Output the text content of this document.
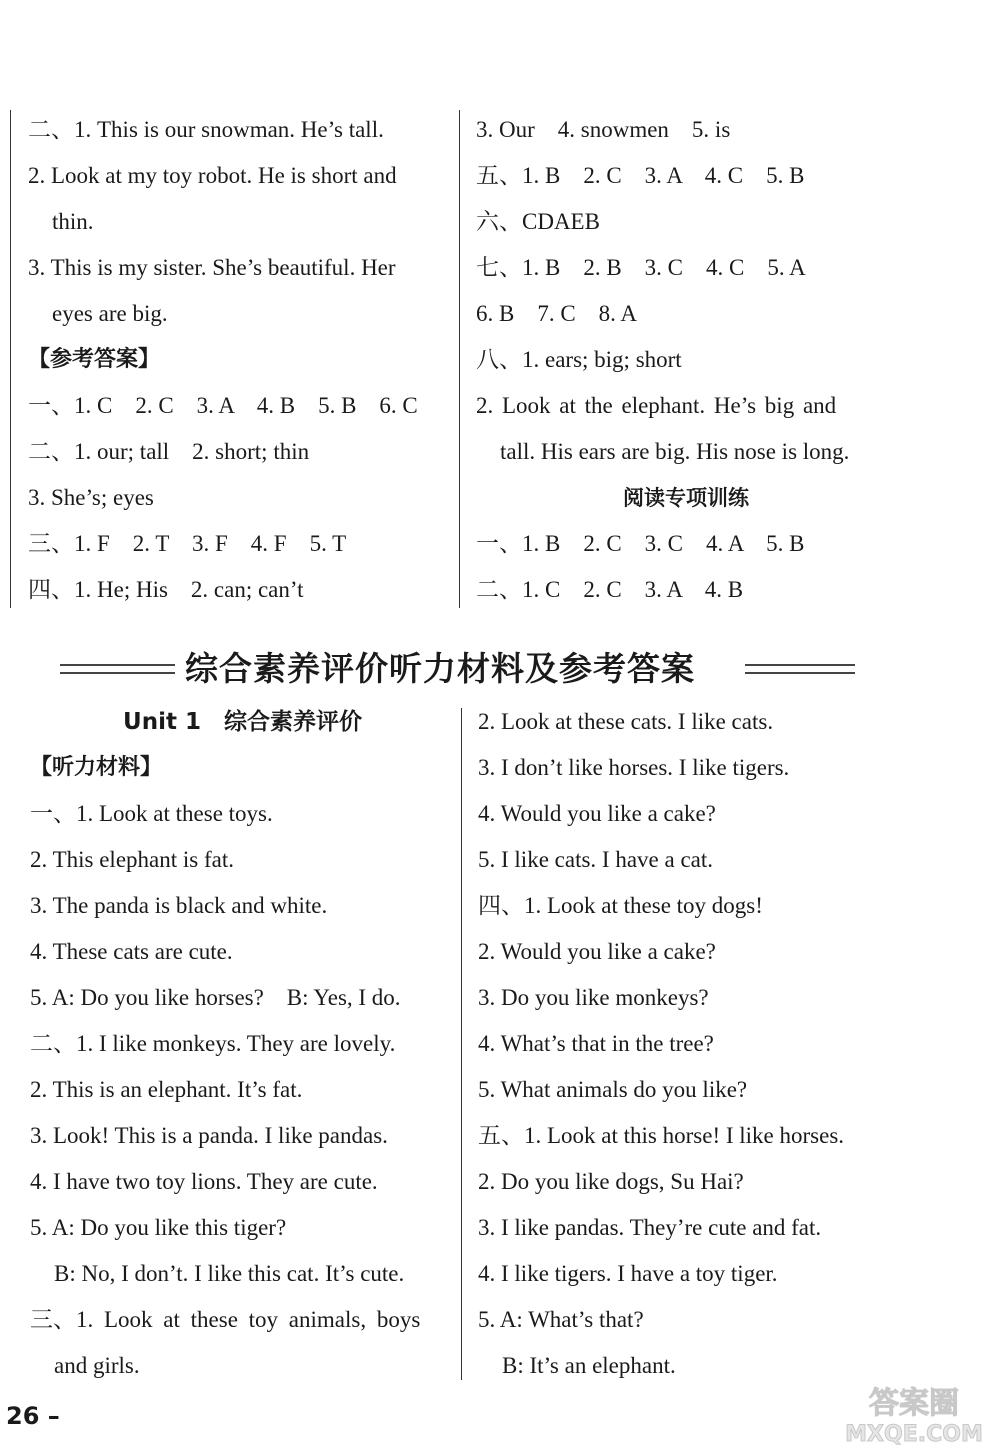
二、1. This is our snowman. He’s tall.
2. Look at my toy robot. He is short and
thin.
3. This is my sister. She’s beautiful. Her
eyes are big.
【参考答案】
一、1. C　2. C　3. A　4. B　5. B　6. C
二、1. our; tall　2. short; thin
3. She’s; eyes
三、1. F　2. T　3. F　4. F　5. T
四、1. He; His　2. can; can’t
3. Our　4. snowmen　5. is
五、1. B　2. C　3. A　4. C　5. B
六、CDAEB
七、1. B　2. B　3. C　4. C　5. A
6. B　7. C　8. A
八、1. ears; big; short
2. Look at the elephant. He’s big and
tall. His ears are big. His nose is long.
阅读专项训练
一、1. B　2. C　3. C　4. A　5. B
二、1. C　2. C　3. A　4. B
综合素养评价听力材料及参考答案
Unit 1　综合素养评价
【听力材料】
一、1. Look at these toys.
2. This elephant is fat.
3. The panda is black and white.
4. These cats are cute.
5. A: Do you like horses?　B: Yes, I do.
二、1. I like monkeys. They are lovely.
2. This is an elephant. It’s fat.
3. Look! This is a panda. I like pandas.
4. I have two toy lions. They are cute.
5. A: Do you like this tiger?
B: No, I don’t. I like this cat. It’s cute.
三、1. Look at these toy animals, boys
and girls.
2. Look at these cats. I like cats.
3. I don’t like horses. I like tigers.
4. Would you like a cake?
5. I like cats. I have a cat.
四、1. Look at these toy dogs!
2. Would you like a cake?
3. Do you like monkeys?
4. What’s that in the tree?
5. What animals do you like?
五、1. Look at this horse! I like horses.
2. Do you like dogs, Su Hai?
3. I like pandas. They’re cute and fat.
4. I like tigers. I have a toy tiger.
5. A: What’s that?
B: It’s an elephant.
26 –	答案圈
MXQE.COM
